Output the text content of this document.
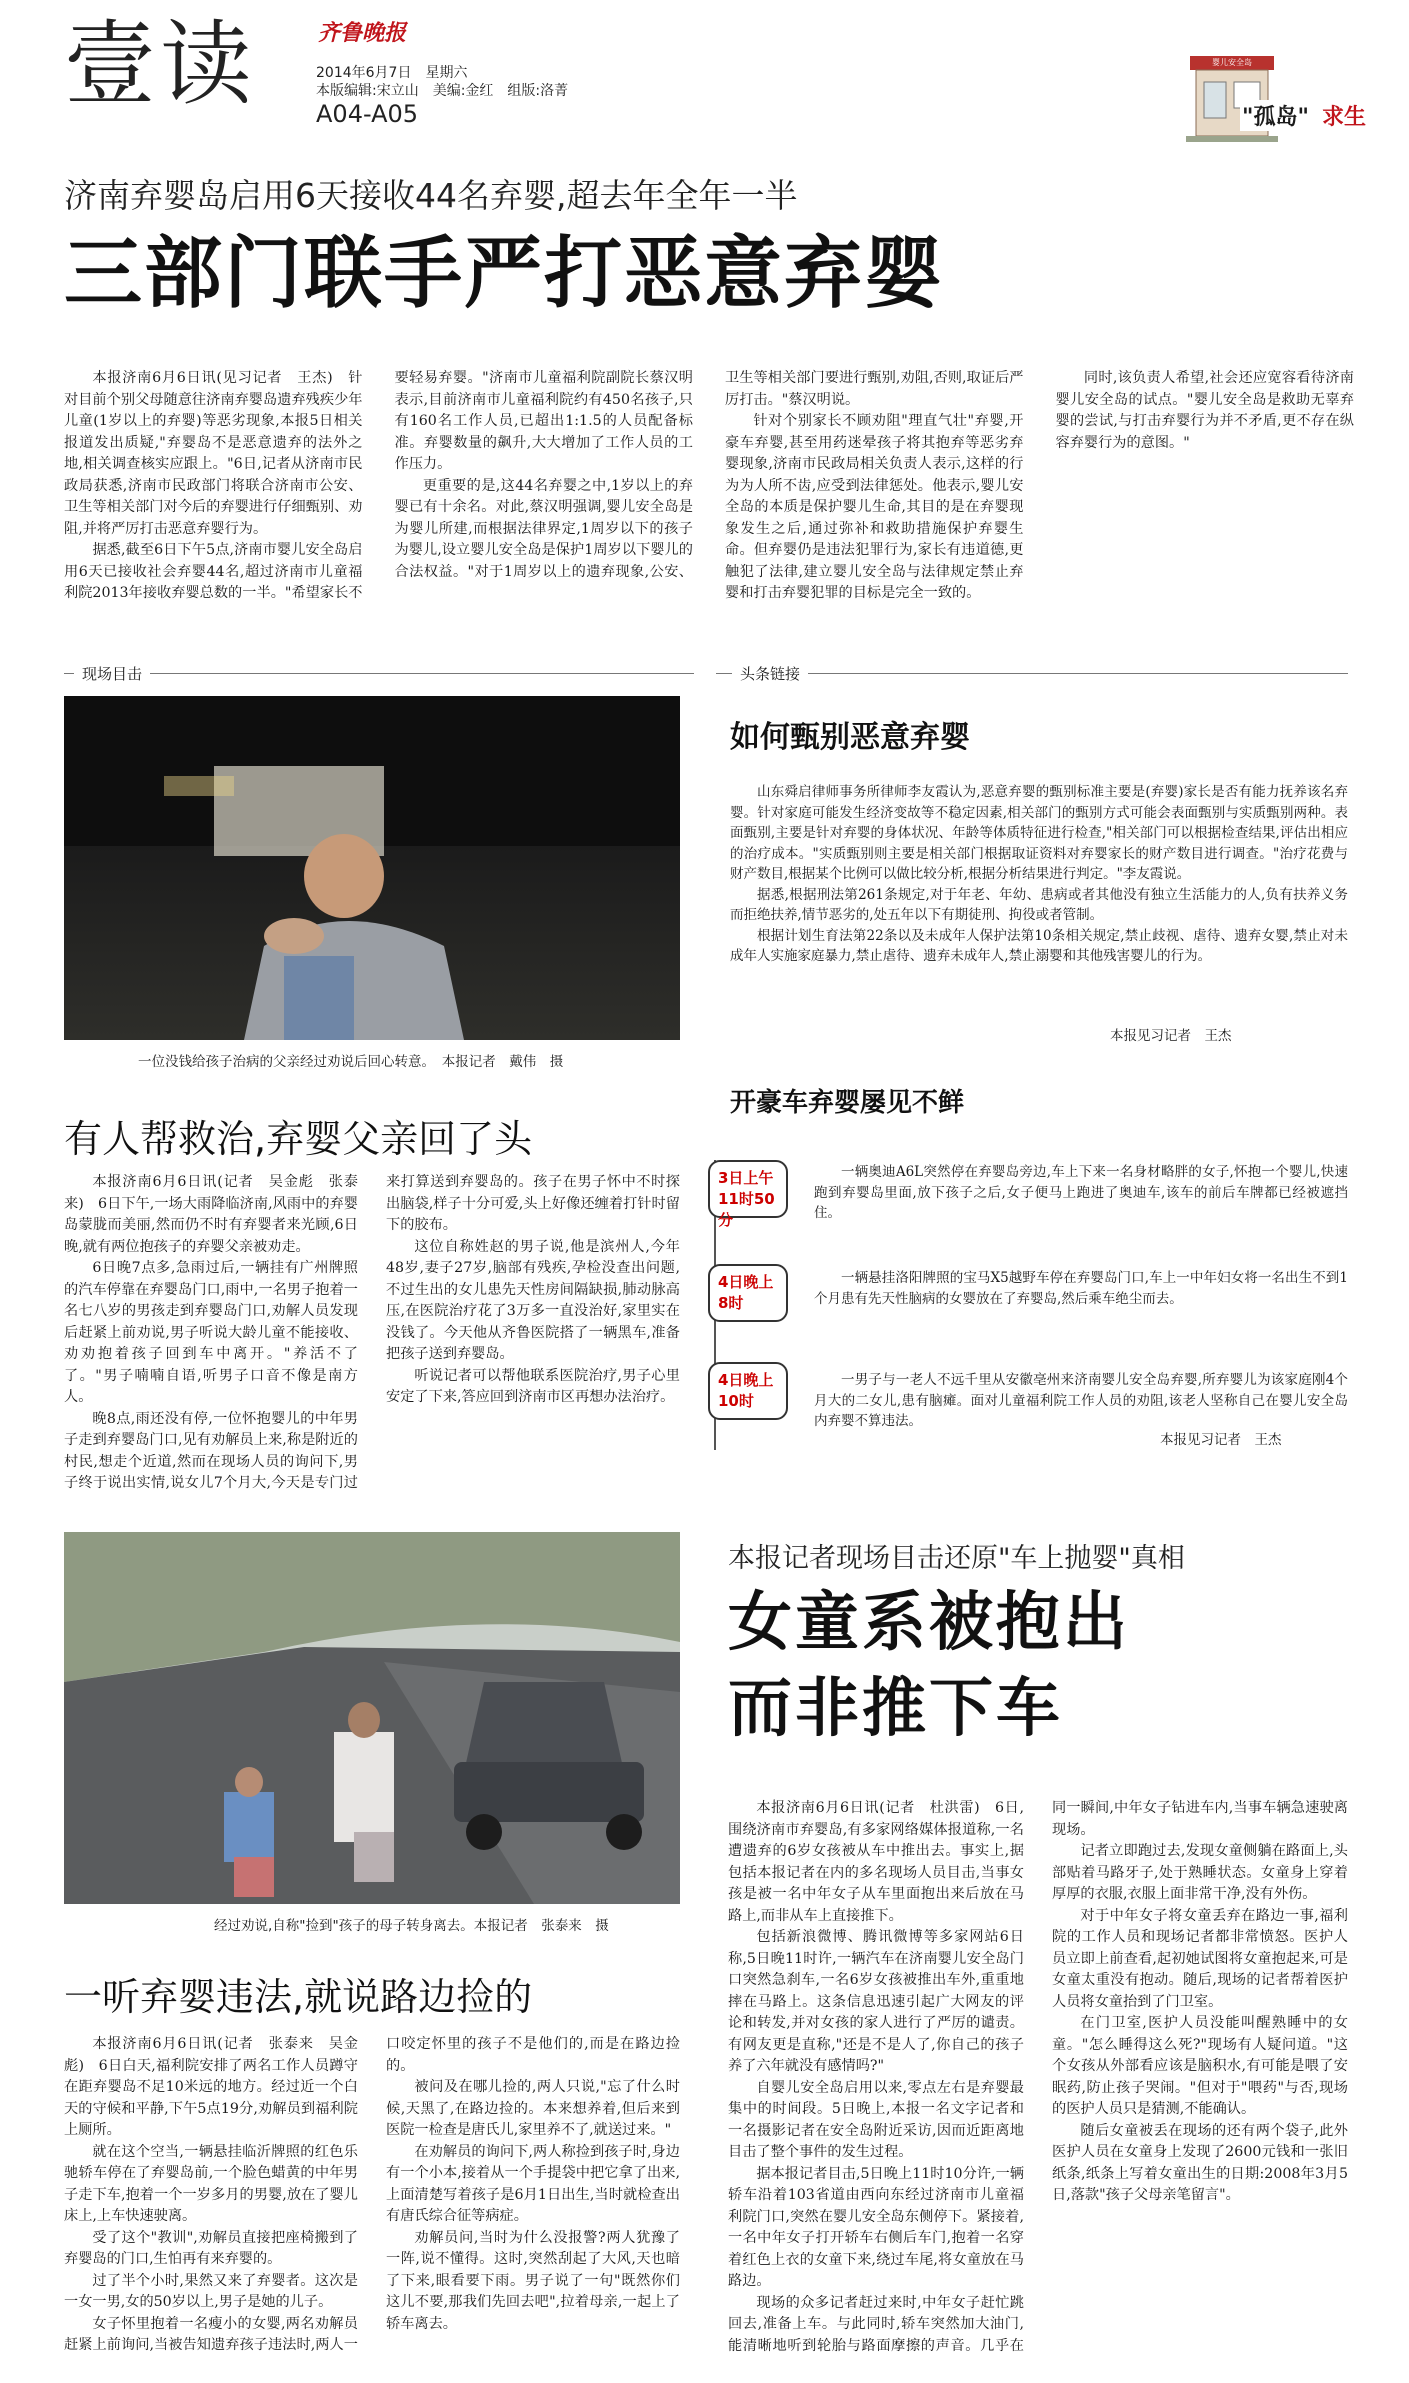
壹读	齐鲁晚报
2014年6月7日　星期六
本版编辑:宋立山　美编:金红　组版:洛菁
A04-A05
婴儿安全岛
"孤岛" 求生
济南弃婴岛启用6天接收44名弃婴,超去年全年一半
三部门联手严打恶意弃婴

本报济南6月6日讯(见习记者　王杰)　针对目前个别父母随意往济南弃婴岛遗弃残疾少年儿童(1岁以上的弃婴)等恶劣现象,本报5日相关报道发出质疑,"弃婴岛不是恶意遗弃的法外之地,相关调查核实应跟上。"6日,记者从济南市民政局获悉,济南市民政部门将联合济南市公安、卫生等相关部门对今后的弃婴进行仔细甄别、劝阻,并将严厉打击恶意弃婴行为。

据悉,截至6日下午5点,济南市婴儿安全岛启用6天已接收社会弃婴44名,超过济南市儿童福利院2013年接收弃婴总数的一半。"希望家长不要轻易弃婴。"济南市儿童福利院副院长蔡汉明表示,目前济南市儿童福利院约有450名孩子,只有160名工作人员,已超出1:1.5的人员配备标准。弃婴数量的飙升,大大增加了工作人员的工作压力。

更重要的是,这44名弃婴之中,1岁以上的弃婴已有十余名。对此,蔡汉明强调,婴儿安全岛是为婴儿所建,而根据法律界定,1周岁以下的孩子为婴儿,设立婴儿安全岛是保护1周岁以下婴儿的合法权益。"对于1周岁以上的遗弃现象,公安、卫生等相关部门要进行甄别,劝阻,否则,取证后严厉打击。"蔡汉明说。

针对个别家长不顾劝阻"理直气壮"弃婴,开豪车弃婴,甚至用药迷晕孩子将其抱弃等恶劣弃婴现象,济南市民政局相关负责人表示,这样的行为为人所不齿,应受到法律惩处。他表示,婴儿安全岛的本质是保护婴儿生命,其目的是在弃婴现象发生之后,通过弥补和救助措施保护弃婴生命。但弃婴仍是违法犯罪行为,家长有违道德,更触犯了法律,建立婴儿安全岛与法律规定禁止弃婴和打击弃婴犯罪的目标是完全一致的。

同时,该负责人希望,社会还应宽容看待济南婴儿安全岛的试点。"婴儿安全岛是救助无辜弃婴的尝试,与打击弃婴行为并不矛盾,更不存在纵容弃婴行为的意图。"

现场目击
一位没钱给孩子治病的父亲经过劝说后回心转意。　本报记者　戴伟　摄
有人帮救治,弃婴父亲回了头

本报济南6月6日讯(记者　吴金彪　张泰来)　6日下午,一场大雨降临济南,风雨中的弃婴岛蒙胧而美丽,然而仍不时有弃婴者来光顾,6日晚,就有两位抱孩子的弃婴父亲被劝走。

6日晚7点多,急雨过后,一辆挂有广州牌照的汽车停靠在弃婴岛门口,雨中,一名男子抱着一名七八岁的男孩走到弃婴岛门口,劝解人员发现后赶紧上前劝说,男子听说大龄儿童不能接收、劝劝抱着孩子回到车中离开。"养活不了了。"男子喃喃自语,听男子口音不像是南方人。

晚8点,雨还没有停,一位怀抱婴儿的中年男子走到弃婴岛门口,见有劝解员上来,称是附近的村民,想走个近道,然而在现场人员的询问下,男子终于说出实情,说女儿7个月大,今天是专门过来打算送到弃婴岛的。孩子在男子怀中不时探出脑袋,样子十分可爱,头上好像还缠着打针时留下的胶布。

这位自称姓赵的男子说,他是滨州人,今年48岁,妻子27岁,脑部有残疾,孕检没查出问题,不过生出的女儿患先天性房间隔缺损,肺动脉高压,在医院治疗花了3万多一直没治好,家里实在没钱了。今天他从齐鲁医院搭了一辆黑车,准备把孩子送到弃婴岛。

听说记者可以帮他联系医院治疗,男子心里安定了下来,答应回到济南市区再想办法治疗。

头条链接
如何甄别恶意弃婴

山东舜启律师事务所律师李友霞认为,恶意弃婴的甄别标准主要是(弃婴)家长是否有能力抚养该名弃婴。针对家庭可能发生经济变故等不稳定因素,相关部门的甄别方式可能会表面甄别与实质甄别两种。表面甄别,主要是针对弃婴的身体状况、年龄等体质特征进行检查,"相关部门可以根据检查结果,评估出相应的治疗成本。"实质甄别则主要是相关部门根据取证资料对弃婴家长的财产数目进行调查。"治疗花费与财产数目,根据某个比例可以做比较分析,根据分析结果进行判定。"李友霞说。

据悉,根据刑法第261条规定,对于年老、年幼、患病或者其他没有独立生活能力的人,负有扶养义务而拒绝扶养,情节恶劣的,处五年以下有期徒刑、拘役或者管制。

根据计划生育法第22条以及未成年人保护法第10条相关规定,禁止歧视、虐待、遗弃女婴,禁止对未成年人实施家庭暴力,禁止虐待、遗弃未成年人,禁止溺婴和其他残害婴儿的行为。

本报见习记者　王杰
开豪车弃婴屡见不鲜
3日上午
11时50分
一辆奥迪A6L突然停在弃婴岛旁边,车上下来一名身材略胖的女子,怀抱一个婴儿,快速跑到弃婴岛里面,放下孩子之后,女子便马上跑进了奥迪车,该车的前后车牌都已经被遮挡住。
4日晚上
8时
一辆悬挂洛阳牌照的宝马X5越野车停在弃婴岛门口,车上一中年妇女将一名出生不到1个月患有先天性脑病的女婴放在了弃婴岛,然后乘车绝尘而去。
4日晚上
10时
一男子与一老人不远千里从安徽亳州来济南婴儿安全岛弃婴,所弃婴儿为该家庭刚4个月大的二女儿,患有脑瘫。面对儿童福利院工作人员的劝阻,该老人坚称自己在婴儿安全岛内弃婴不算违法。
本报见习记者　王杰
经过劝说,自称"捡到"孩子的母子转身离去。本报记者　张泰来　摄
本报记者现场目击还原"车上抛婴"真相
女童系被抱出
而非推下车

本报济南6月6日讯(记者　杜洪雷)　6日,围绕济南市弃婴岛,有多家网络媒体报道称,一名遭遗弃的6岁女孩被从车中推出去。事实上,据包括本报记者在内的多名现场人员目击,当事女孩是被一名中年女子从车里面抱出来后放在马路上,而非从车上直接推下。

包括新浪微博、腾讯微博等多家网站6日称,5日晚11时许,一辆汽车在济南婴儿安全岛门口突然急刹车,一名6岁女孩被推出车外,重重地摔在马路上。这条信息迅速引起广大网友的评论和转发,并对女孩的家人进行了严厉的谴责。有网友更是直称,"还是不是人了,你自己的孩子养了六年就没有感情吗?"

自婴儿安全岛启用以来,零点左右是弃婴最集中的时间段。5日晚上,本报一名文字记者和一名摄影记者在安全岛附近采访,因而近距离地目击了整个事件的发生过程。

据本报记者目击,5日晚上11时10分许,一辆轿车沿着103省道由西向东经过济南市儿童福利院门口,突然在婴儿安全岛东侧停下。紧接着,一名中年女子打开轿车右侧后车门,抱着一名穿着红色上衣的女童下来,绕过车尾,将女童放在马路边。

现场的众多记者赶过来时,中年女子赶忙跳回去,准备上车。与此同时,轿车突然加大油门,能清晰地听到轮胎与路面摩擦的声音。几乎在同一瞬间,中年女子钻进车内,当事车辆急速驶离现场。

记者立即跑过去,发现女童侧躺在路面上,头部贴着马路牙子,处于熟睡状态。女童身上穿着厚厚的衣服,衣服上面非常干净,没有外伤。

对于中年女子将女童丢弃在路边一事,福利院的工作人员和现场记者都非常愤怒。医护人员立即上前查看,起初她试图将女童抱起来,可是女童太重没有抱动。随后,现场的记者帮着医护人员将女童抬到了门卫室。

在门卫室,医护人员没能叫醒熟睡中的女童。"怎么睡得这么死?"现场有人疑问道。"这个女孩从外部看应该是脑积水,有可能是喂了安眠药,防止孩子哭闹。"但对于"喂药"与否,现场的医护人员只是猜测,不能确认。

随后女童被丢在现场的还有两个袋子,此外医护人员在女童身上发现了2600元钱和一张旧纸条,纸条上写着女童出生的日期:2008年3月5日,落款"孩子父母亲笔留言"。

一听弃婴违法,就说路边捡的

本报济南6月6日讯(记者　张泰来　吴金彪)　6日白天,福利院安排了两名工作人员蹲守在距弃婴岛不足10米远的地方。经过近一个白天的守候和平静,下午5点19分,劝解员到福利院上厕所。

就在这个空当,一辆悬挂临沂牌照的红色乐驰轿车停在了弃婴岛前,一个脸色蜡黄的中年男子走下车,抱着一个一岁多月的男婴,放在了婴儿床上,上车快速驶离。

受了这个"教训",劝解员直接把座椅搬到了弃婴岛的门口,生怕再有来弃婴的。

过了半个小时,果然又来了弃婴者。这次是一女一男,女的50岁以上,男子是她的儿子。

女子怀里抱着一名瘦小的女婴,两名劝解员赶紧上前询问,当被告知遗弃孩子违法时,两人一口咬定怀里的孩子不是他们的,而是在路边捡的。

被问及在哪儿捡的,两人只说,"忘了什么时候,天黑了,在路边捡的。本来想养着,但后来到医院一检查是唐氏儿,家里养不了,就送过来。"

在劝解员的询问下,两人称捡到孩子时,身边有一个小本,接着从一个手提袋中把它拿了出来,上面清楚写着孩子是6月1日出生,当时就检查出有唐氏综合征等病症。

劝解员问,当时为什么没报警?两人犹豫了一阵,说不懂得。这时,突然刮起了大风,天也暗了下来,眼看要下雨。男子说了一句"既然你们这儿不要,那我们先回去吧",拉着母亲,一起上了轿车离去。
